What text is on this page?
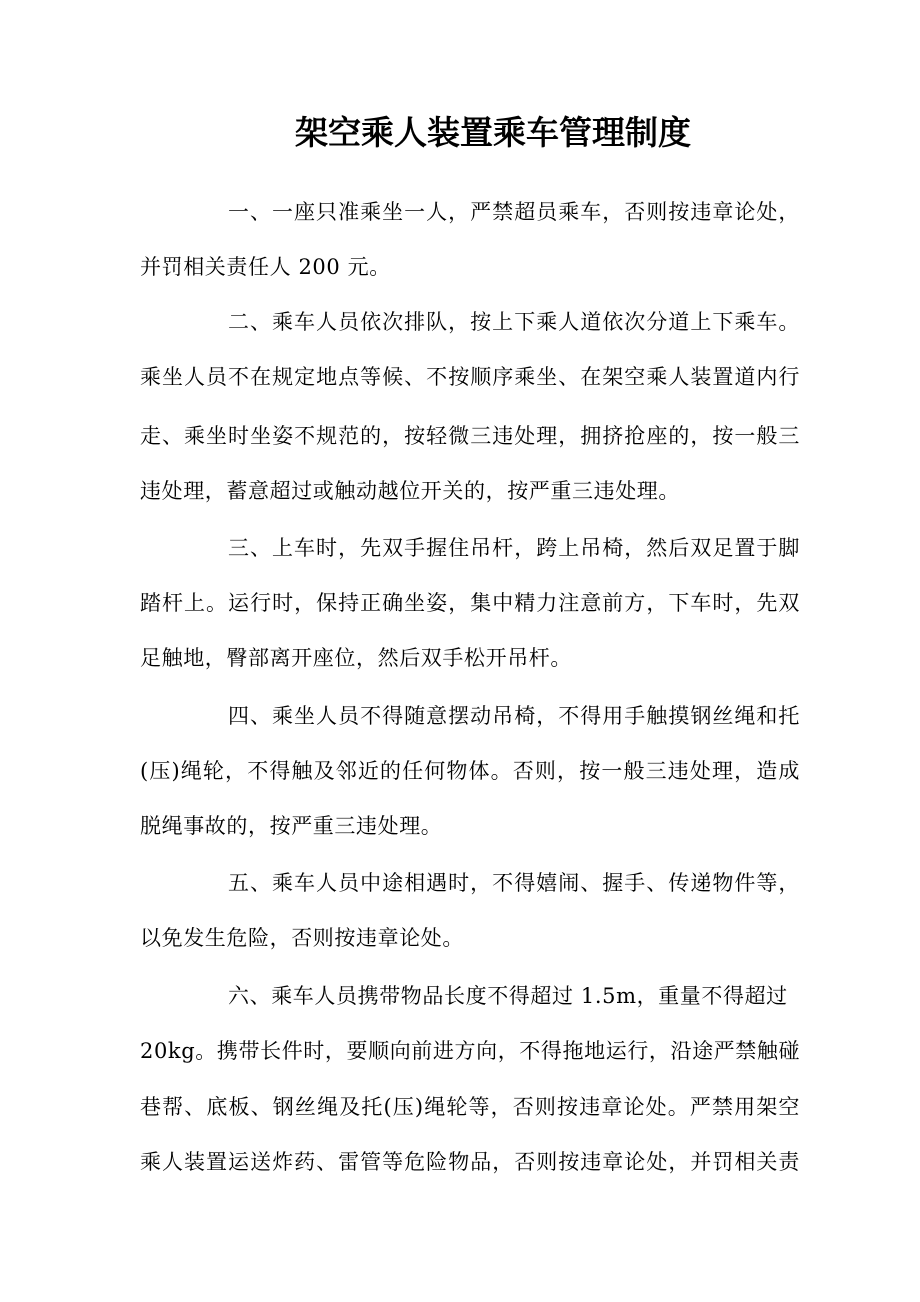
架空乘人装置乘车管理制度
一、一座只准乘坐一人，严禁超员乘车，否则按违章论处，
并罚相关责任人 200 元。
二、乘车人员依次排队，按上下乘人道依次分道上下乘车。
乘坐人员不在规定地点等候、不按顺序乘坐、在架空乘人装置道内行
走、乘坐时坐姿不规范的，按轻微三违处理，拥挤抢座的，按一般三
违处理，蓄意超过或触动越位开关的，按严重三违处理。
三、上车时，先双手握住吊杆，跨上吊椅，然后双足置于脚
踏杆上。运行时，保持正确坐姿，集中精力注意前方，下车时，先双
足触地，臀部离开座位，然后双手松开吊杆。
四、乘坐人员不得随意摆动吊椅，不得用手触摸钢丝绳和托
(压)绳轮，不得触及邻近的任何物体。否则，按一般三违处理，造成
脱绳事故的，按严重三违处理。
五、乘车人员中途相遇时，不得嬉闹、握手、传递物件等，
以免发生危险，否则按违章论处。
六、乘车人员携带物品长度不得超过 1.5m，重量不得超过
20kg。携带长件时，要顺向前进方向，不得拖地运行，沿途严禁触碰
巷帮、底板、钢丝绳及托(压)绳轮等，否则按违章论处。严禁用架空
乘人装置运送炸药、雷管等危险物品，否则按违章论处，并罚相关责
